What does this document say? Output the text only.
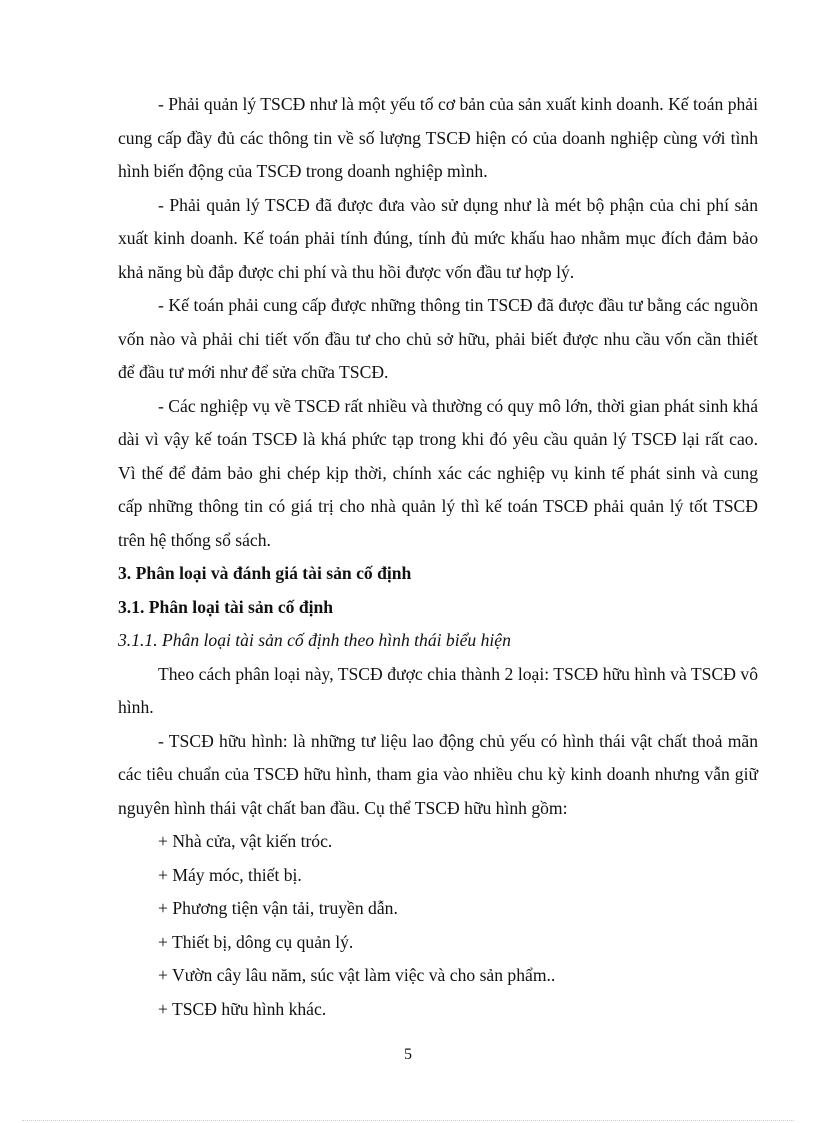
- Phải quản lý TSCĐ như là một yếu tố cơ bản của sản xuất kinh doanh. Kế toán phải cung cấp đầy đủ các thông tin về số lượng TSCĐ hiện có của doanh nghiệp cùng với tình hình biến động của TSCĐ trong doanh nghiệp mình.

- Phải quản lý TSCĐ đã được đưa vào sử dụng như là mét bộ phận của chi phí sản xuất kinh doanh. Kế toán phải tính đúng, tính đủ mức khấu hao nhằm mục đích đảm bảo khả năng bù đắp được chi phí và thu hồi được vốn đầu tư hợp lý.

- Kế toán phải cung cấp được những thông tin TSCĐ đã được đầu tư bằng các nguồn vốn nào và phải chi tiết vốn đầu tư cho chủ sở hữu, phải biết được nhu cầu vốn cần thiết để đầu tư mới như để sửa chữa TSCĐ.

- Các nghiệp vụ về TSCĐ rất nhiều và thường có quy mô lớn, thời gian phát sinh khá dài vì vậy kế toán TSCĐ là khá phức tạp trong khi đó yêu cầu quản lý TSCĐ lại rất cao. Vì thế để đảm bảo ghi chép kịp thời, chính xác các nghiệp vụ kinh tế phát sinh và cung cấp những thông tin có giá trị cho nhà quản lý thì kế toán TSCĐ phải quản lý tốt TSCĐ trên hệ thống sổ sách.

3. Phân loại và đánh giá tài sản cố định

3.1. Phân loại tài sản cố định

3.1.1. Phân loại tài sản cố định theo hình thái biểu hiện

Theo cách phân loại này, TSCĐ được chia thành 2 loại: TSCĐ hữu hình và TSCĐ vô hình.

- TSCĐ hữu hình: là những tư liệu lao động chủ yếu có hình thái vật chất thoả mãn các tiêu chuẩn của TSCĐ hữu hình, tham gia vào nhiều chu kỳ kinh doanh nhưng vẫn giữ nguyên hình thái vật chất ban đầu. Cụ thể TSCĐ hữu hình gồm:

+ Nhà cửa, vật kiến tróc.

+ Máy móc, thiết bị.

+ Phương tiện vận tải, truyền dẫn.

+ Thiết bị, dông cụ quản lý.

+ Vườn cây lâu năm, súc vật làm việc và cho sản phẩm..

+ TSCĐ hữu hình khác.

5
